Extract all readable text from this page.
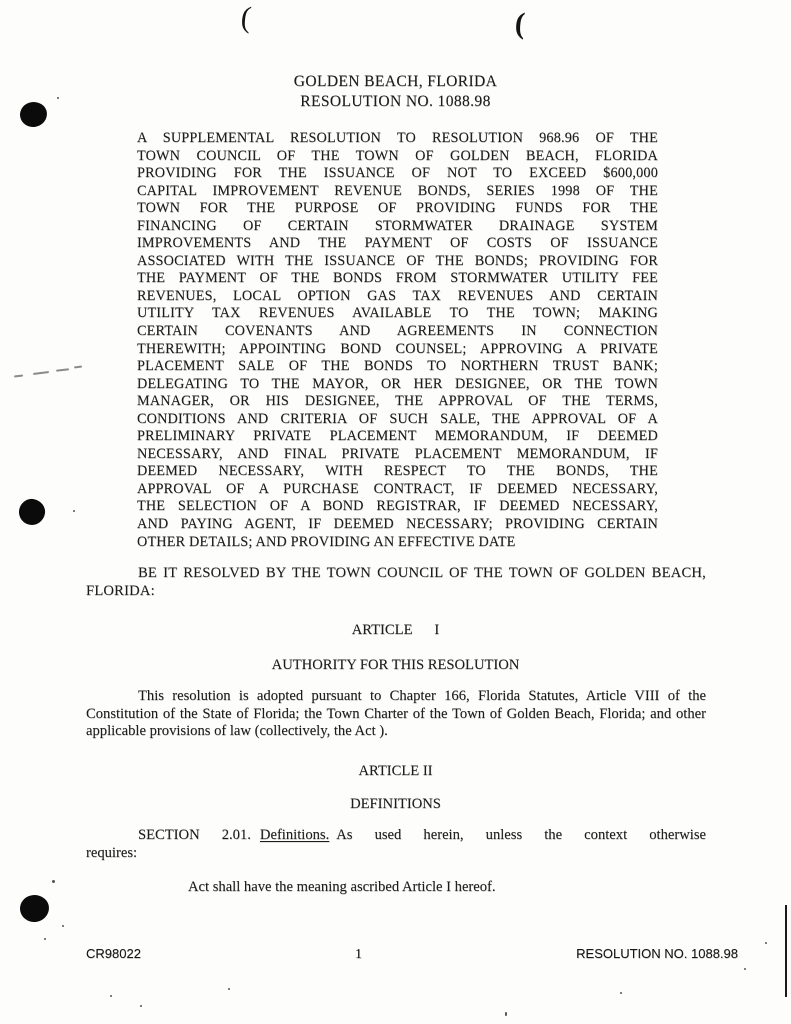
(	(
GOLDEN BEACH, FLORIDA
RESOLUTION NO. 1088.98
A SUPPLEMENTAL RESOLUTION TO RESOLUTION 968.96 OF THE
TOWN COUNCIL OF THE TOWN OF GOLDEN BEACH, FLORIDA
PROVIDING FOR THE ISSUANCE OF NOT TO EXCEED $600,000
CAPITAL IMPROVEMENT REVENUE BONDS, SERIES 1998 OF THE
TOWN FOR THE PURPOSE OF PROVIDING FUNDS FOR THE
FINANCING OF CERTAIN STORMWATER DRAINAGE SYSTEM
IMPROVEMENTS AND THE PAYMENT OF COSTS OF ISSUANCE
ASSOCIATED WITH THE ISSUANCE OF THE BONDS; PROVIDING FOR
THE PAYMENT OF THE BONDS FROM STORMWATER UTILITY FEE
REVENUES, LOCAL OPTION GAS TAX REVENUES AND CERTAIN
UTILITY TAX REVENUES AVAILABLE TO THE TOWN; MAKING
CERTAIN COVENANTS AND AGREEMENTS IN CONNECTION
THEREWITH; APPOINTING BOND COUNSEL; APPROVING A PRIVATE
PLACEMENT SALE OF THE BONDS TO NORTHERN TRUST BANK;
DELEGATING TO THE MAYOR, OR HER DESIGNEE, OR THE TOWN
MANAGER, OR HIS DESIGNEE, THE APPROVAL OF THE TERMS,
CONDITIONS AND CRITERIA OF SUCH SALE, THE APPROVAL OF A
PRELIMINARY PRIVATE PLACEMENT MEMORANDUM, IF DEEMED
NECESSARY, AND FINAL PRIVATE PLACEMENT MEMORANDUM, IF
DEEMED NECESSARY, WITH RESPECT TO THE BONDS, THE
APPROVAL OF A PURCHASE CONTRACT, IF DEEMED NECESSARY,
THE SELECTION OF A BOND REGISTRAR, IF DEEMED NECESSARY,
AND PAYING AGENT, IF DEEMED NECESSARY; PROVIDING CERTAIN
OTHER DETAILS; AND PROVIDING AN EFFECTIVE DATE

BE IT RESOLVED BY THE TOWN COUNCIL OF THE TOWN OF GOLDEN BEACH, FLORIDA:

ARTICLE      I
AUTHORITY FOR THIS RESOLUTION

This resolution is adopted pursuant to Chapter 166, Florida Statutes, Article VIII of the Constitution of the State of Florida; the Town Charter of the Town of Golden Beach, Florida; and other applicable provisions of law (collectively, the Act ).

ARTICLE II
DEFINITIONS
SECTION 2.01. Definitions. As used herein, unless the context otherwise
requires:
Act shall have the meaning ascribed Article I hereof.
CR98022	1	RESOLUTION NO. 1088.98
